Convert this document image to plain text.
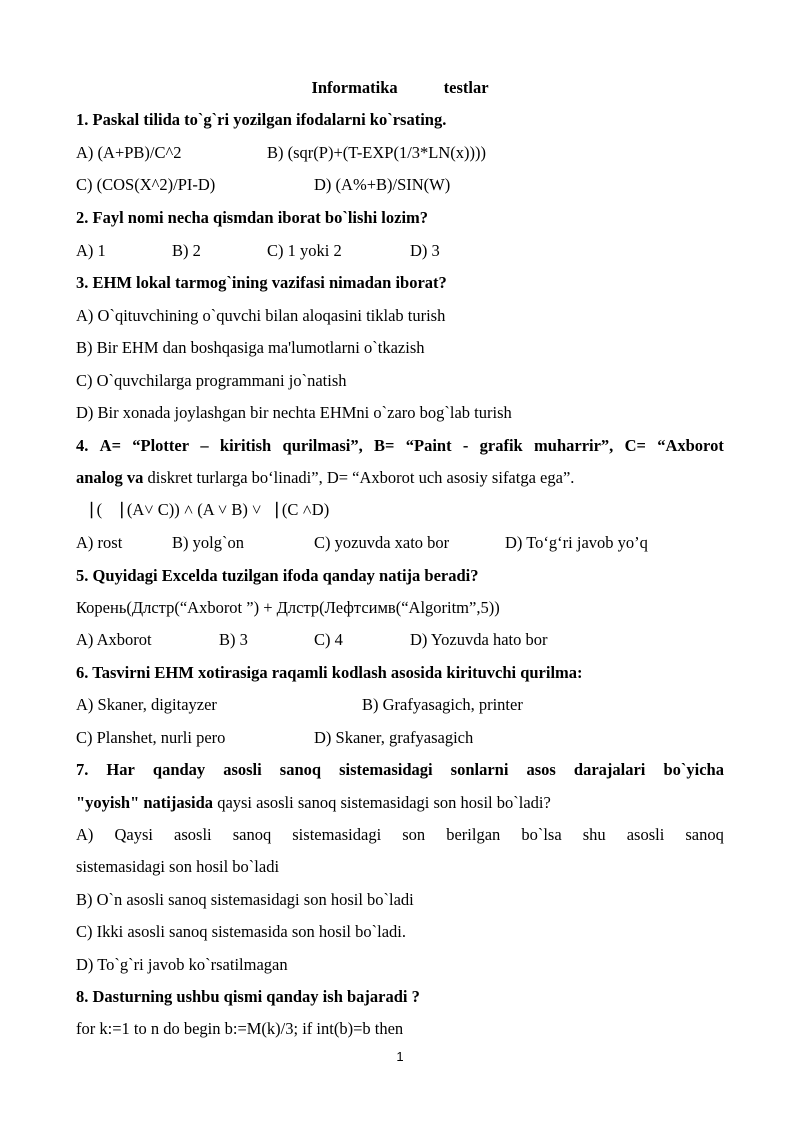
Informatika	testlar
1. Paskal tilida to`g`ri yozilgan ifodalarni ko`rsating.
A) (A+PB)/C^2	B) (sqr(P)+(T-EXP(1/3*LN(x))))
C) (COS(X^2)/PI-D)	D) (A%+B)/SIN(W)
2. Fayl nomi necha qismdan iborat bo`lishi lozim?
A) 1	B) 2	C) 1 yoki 2	D) 3
3. EHM lokal tarmog`ining vazifasi nimadan iborat?
A) O`qituvchining o`quvchi bilan aloqasini tiklab turish
B) Bir EHM dan boshqasiga ma'lumotlarni o`tkazish
C) O`quvchilarga programmani jo`natish
D) Bir xonada joylashgan bir nechta EHMni o`zaro bog`lab turish
4. A= “Plotter – kiritish qurilmasi”, B= “Paint - grafik muharrir”, C= “Axborot
analog va diskret turlarga bo‘linadi”, D= “Axborot uch asosiy sifatga ega”.
⎹ ( ⎹ (A˅ C)) ˄ (A ˅ B) ˅⎹ (C ˄D)
A) rost	B) yolg`on	C) yozuvda xato bor	D) To‘g‘ri javob yo’q
5. Quyidagi Excelda tuzilgan ifoda qanday natija beradi?
Корень(Длстр(“Axborot ”) + Длстр(Лефтсимв(“Algoritm”,5))
A) Axborot	B) 3	C) 4	D) Yozuvda hato bor
6. Tasvirni EHM xotirasiga raqamli kodlash asosida kirituvchi qurilma:
A) Skaner, digitayzer	B) Grafyasagich, printer
C) Planshet, nurli pero	D) Skaner, grafyasagich
7. Har qanday asosli sanoq sistemasidagi sonlarni asos darajalari bo`yicha
"yoyish" natijasida qaysi asosli sanoq sistemasidagi son hosil bo`ladi?
A) Qaysi asosli sanoq sistemasidagi son berilgan bo`lsa shu asosli sanoq
sistemasidagi son hosil bo`ladi
B) O`n asosli sanoq sistemasidagi son hosil bo`ladi
C) Ikki asosli sanoq sistemasida son hosil bo`ladi.
D) To`g`ri javob ko`rsatilmagan
8. Dasturning ushbu qismi qanday ish bajaradi ?
for k:=1 to n do begin b:=M(k)/3; if int(b)=b then
1
